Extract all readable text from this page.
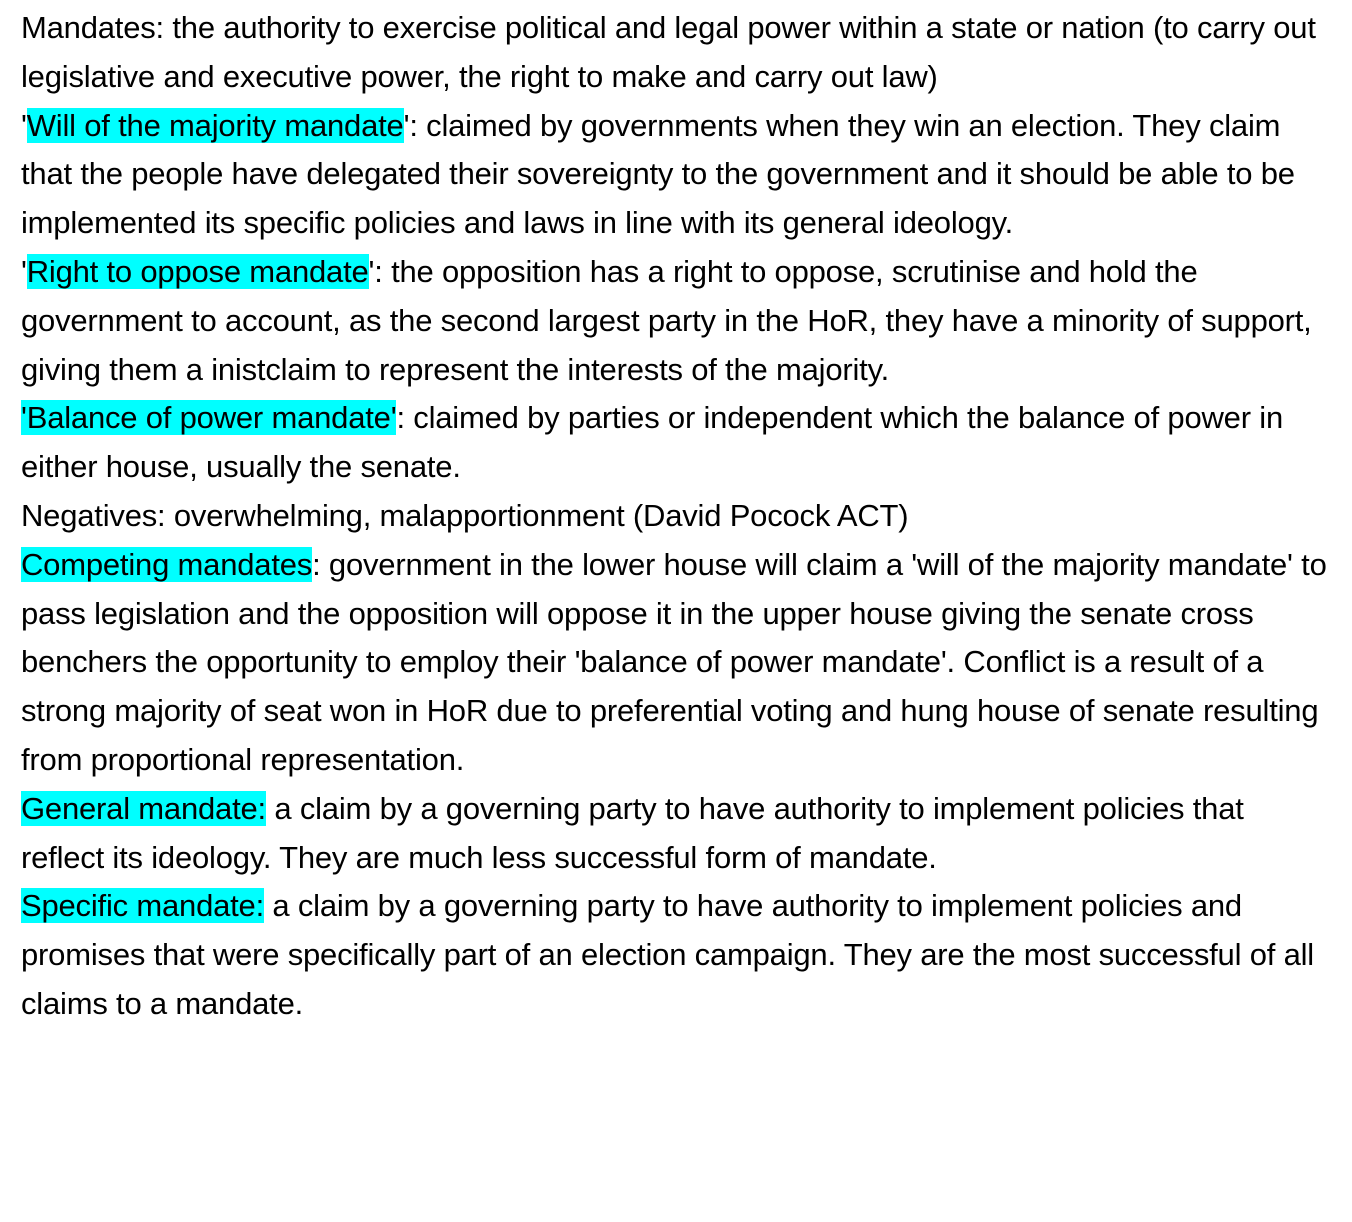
Mandates: the authority to exercise political and legal power within a state or nation (to carry out legislative and executive power, the right to make and carry out law)

'Will of the majority mandate': claimed by governments when they win an election. They claim that the people have delegated their sovereignty to the government and it should be able to be implemented its specific policies and laws in line with its general ideology.

'Right to oppose mandate': the opposition has a right to oppose, scrutinise and hold the government to account, as the second largest party in the HoR, they have a minority of support, giving them a inistclaim to represent the interests of the majority.

'Balance of power mandate': claimed by parties or independent which the balance of power in either house, usually the senate.

Negatives: overwhelming, malapportionment (David Pocock ACT)

Competing mandates: government in the lower house will claim a 'will of the majority mandate' to pass legislation and the opposition will oppose it in the upper house giving the senate cross benchers the opportunity to employ their 'balance of power mandate'. Conflict is a result of a strong majority of seat won in HoR due to preferential voting and hung house of senate resulting from proportional representation.

General mandate: a claim by a governing party to have authority to implement policies that reflect its ideology. They are much less successful form of mandate.

Specific mandate: a claim by a governing party to have authority to implement policies and promises that were specifically part of an election campaign. They are the most successful of all claims to a mandate.
